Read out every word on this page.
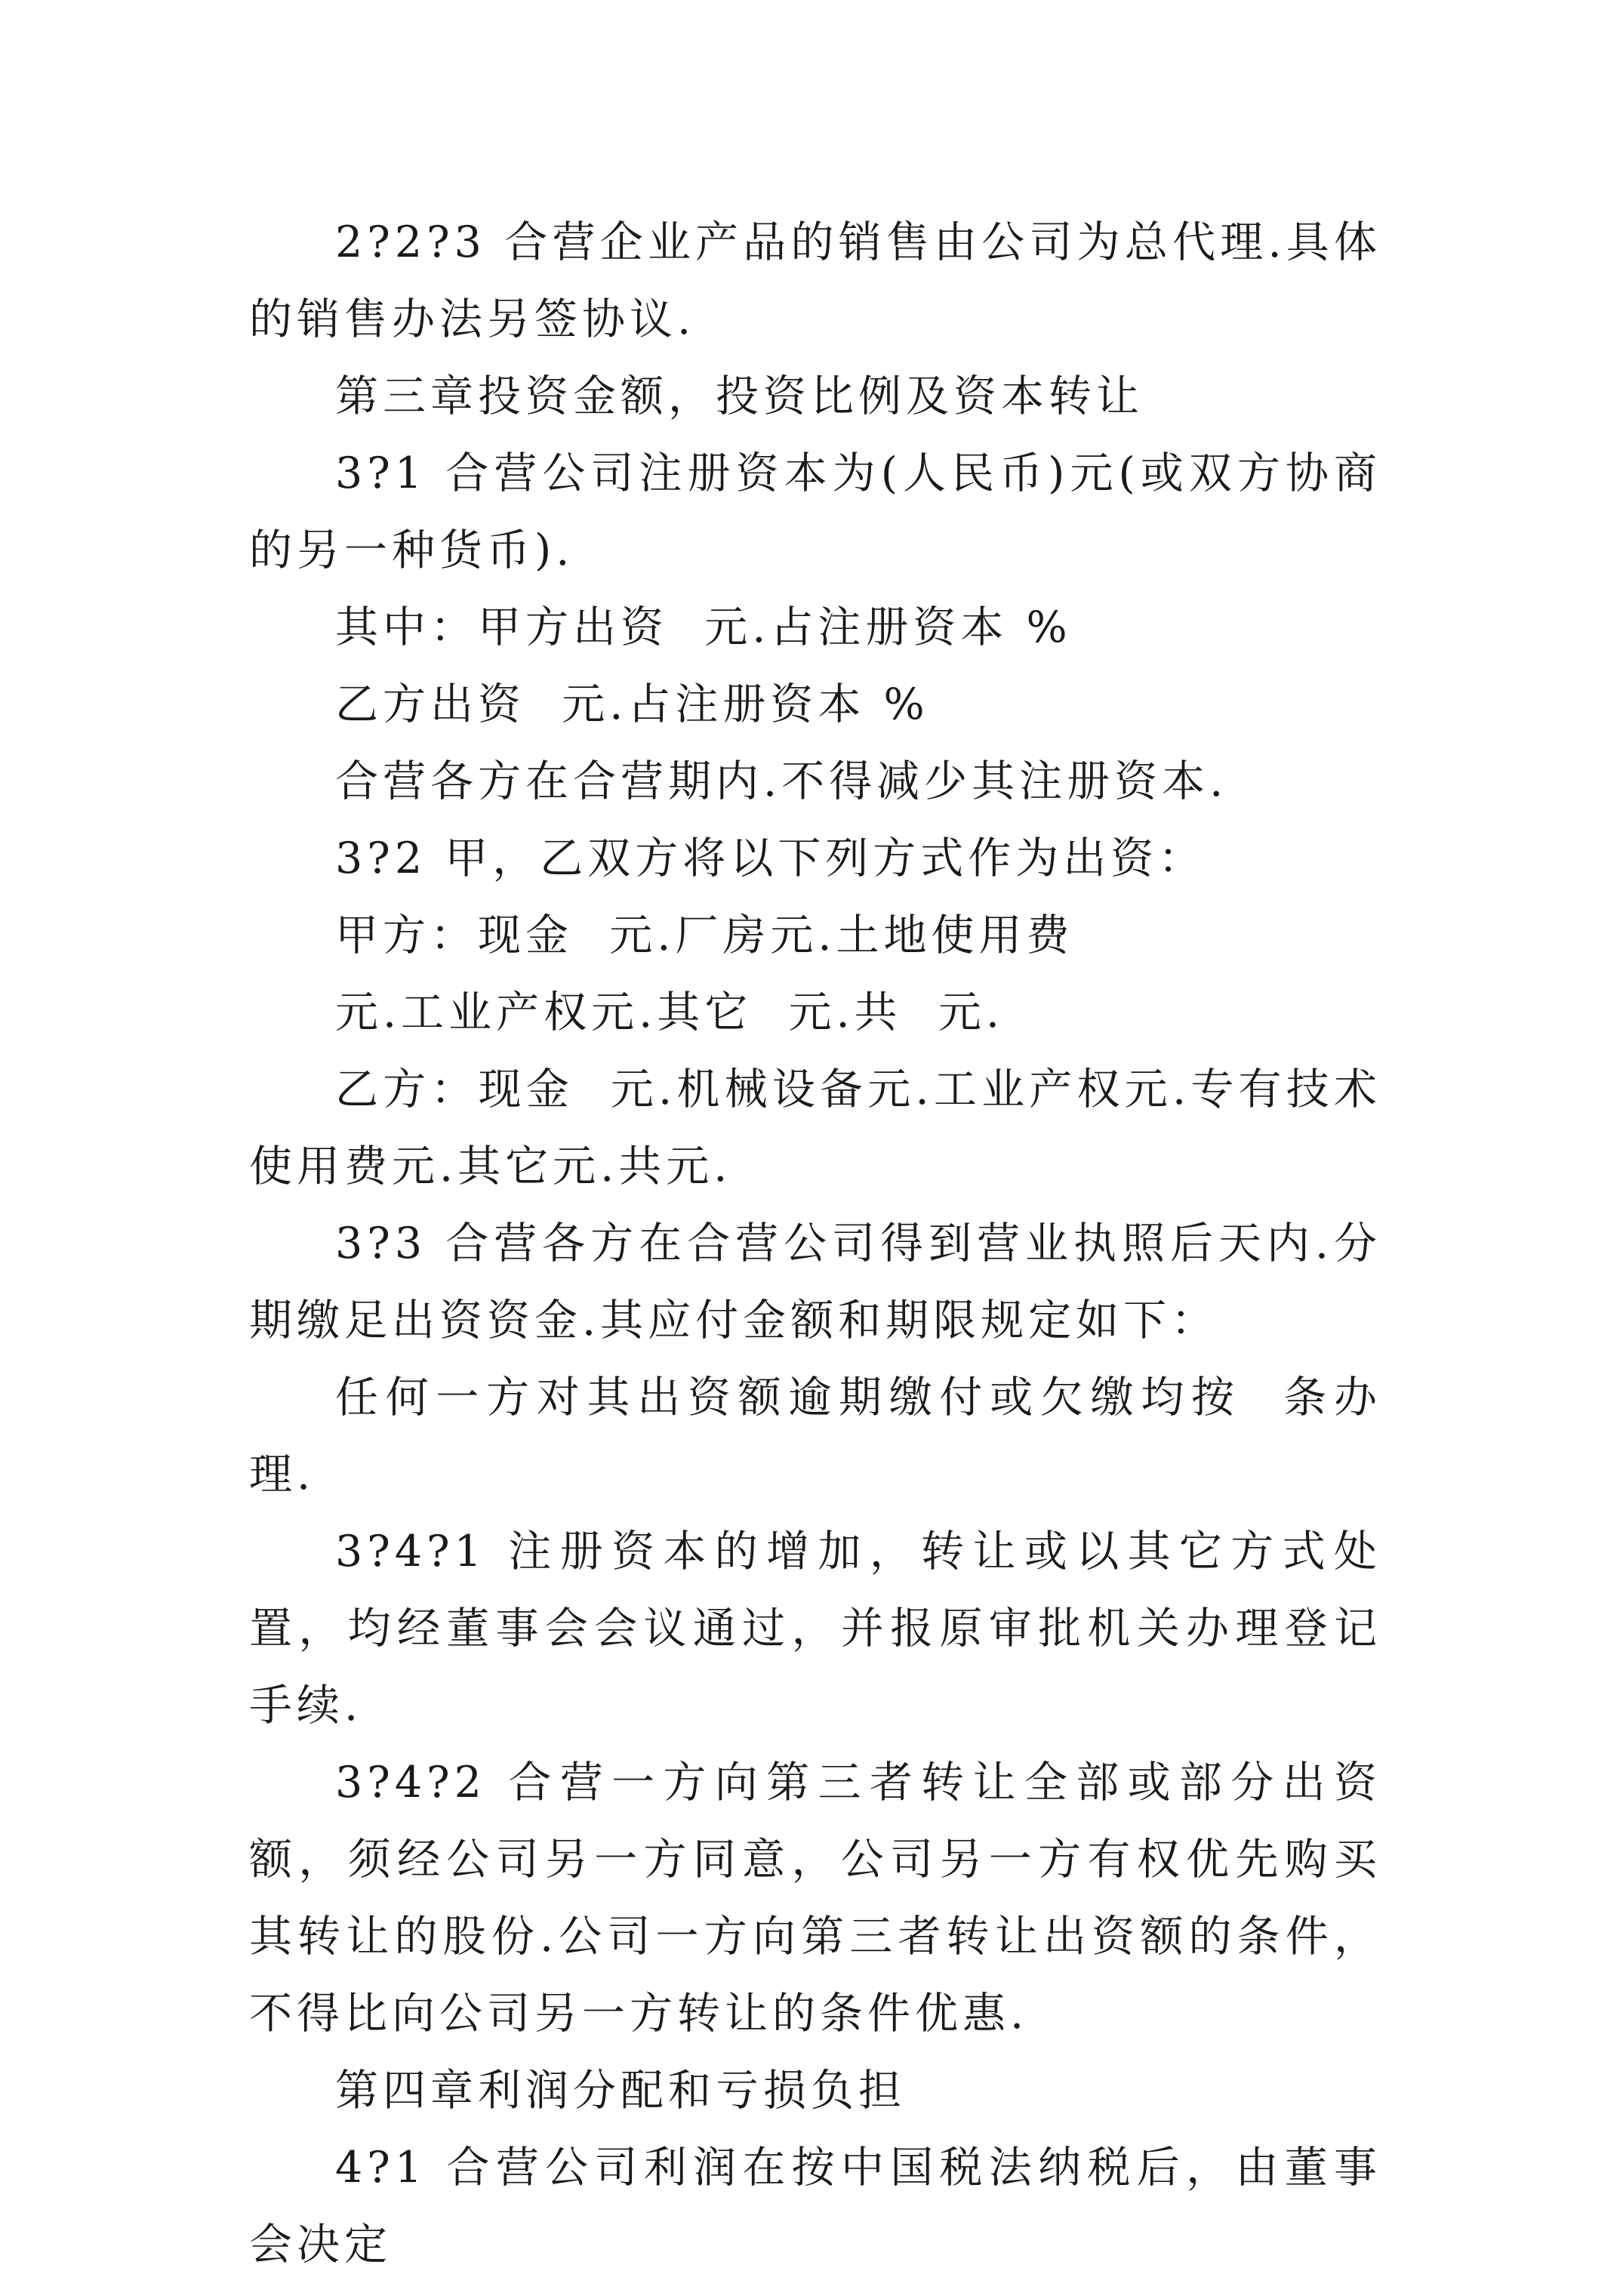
2?2?3 合营企业产品的销售由公司为总代理.具体的销售办法另签协议.

第三章投资金额，投资比例及资本转让

3?1 合营公司注册资本为(人民币)元(或双方协商的另一种货币).

其中：甲方出资  元.占注册资本 %

乙方出资  元.占注册资本 %

合营各方在合营期内.不得减少其注册资本.

3?2 甲，乙双方将以下列方式作为出资：

甲方：现金  元.厂房元.土地使用费

元.工业产权元.其它  元.共  元.

乙方：现金  元.机械设备元.工业产权元.专有技术使用费元.其它元.共元.

3?3 合营各方在合营公司得到营业执照后天内.分期缴足出资资金.其应付金额和期限规定如下：

任何一方对其出资额逾期缴付或欠缴均按  条办理.

3?4?1 注册资本的增加，转让或以其它方式处置，均经董事会会议通过，并报原审批机关办理登记手续.

3?4?2 合营一方向第三者转让全部或部分出资额，须经公司另一方同意，公司另一方有权优先购买其转让的股份.公司一方向第三者转让出资额的条件，不得比向公司另一方转让的条件优惠.

第四章利润分配和亏损负担

4?1 合营公司利润在按中国税法纳税后，由董事会决定
